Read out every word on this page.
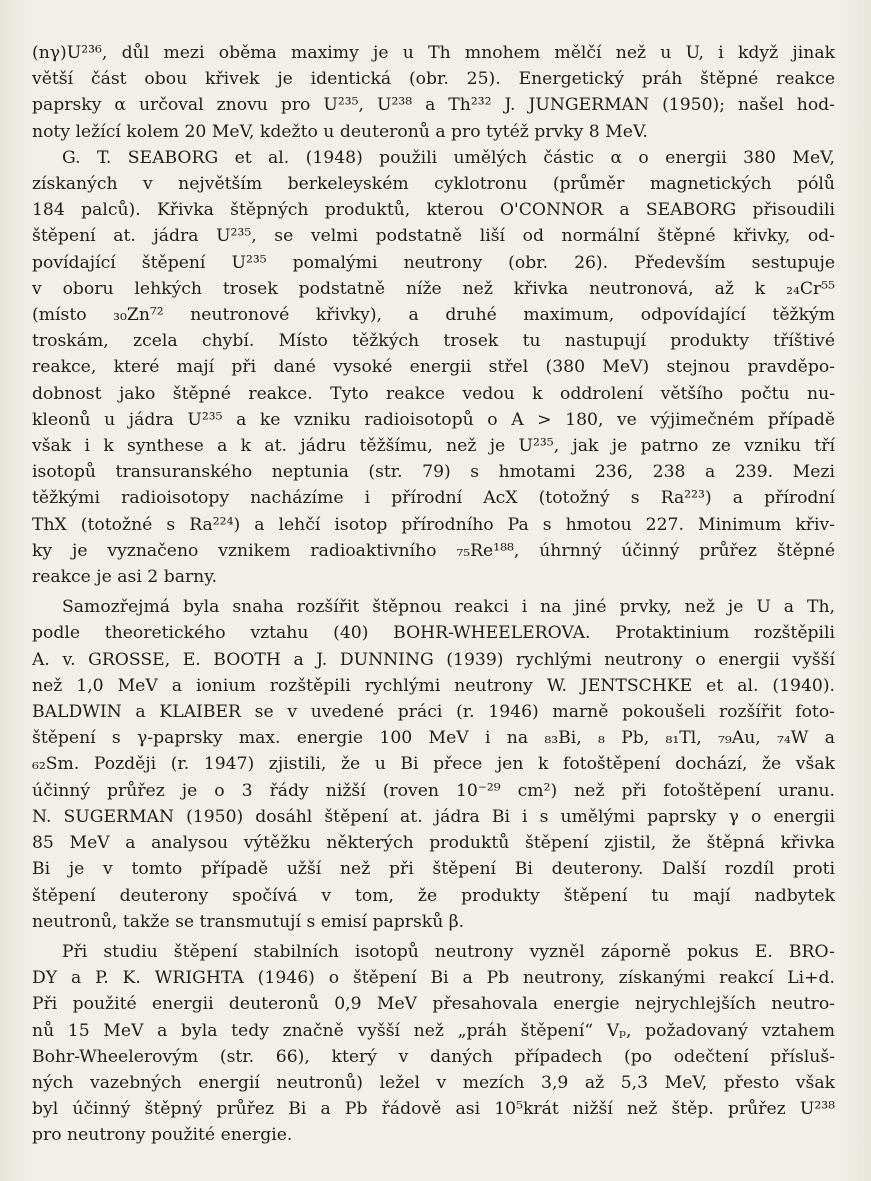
(nγ)U²³⁶, důl mezi oběma maximy je u Th mnohem mělčí než u U, i když jinak
větší část obou křivek je identická (obr. 25). Energetický práh štěpné reakce
paprsky α určoval znovu pro U²³⁵, U²³⁸ a Th²³² J. JUNGERMAN (1950); našel hod-
noty ležící kolem 20 MeV, kdežto u deuteronů a pro tytéž prvky 8 MeV.

G. T. SEABORG et al. (1948) použili umělých částic α o energii 380 MeV,
získaných v největším berkeleyském cyklotronu (průměr magnetických pólů
184 palců). Křivka štěpných produktů, kterou O'CONNOR a SEABORG přisoudili
štěpení at. jádra U²³⁵, se velmi podstatně liší od normální štěpné křivky, od-
povídající štěpení U²³⁵ pomalými neutrony (obr. 26). Především sestupuje
v oboru lehkých trosek podstatně níže než křivka neutronová, až k ₂₄Cr⁵⁵
(místo ₃₀Zn⁷² neutronové křivky), a druhé maximum, odpovídající těžkým
troskám, zcela chybí. Místo těžkých trosek tu nastupují produkty tříštivé
reakce, které mají při dané vysoké energii střel (380 MeV) stejnou pravděpo-
dobnost jako štěpné reakce. Tyto reakce vedou k oddrolení většího počtu nu-
kleonů u jádra U²³⁵ a ke vzniku radioisotopů o A > 180, ve výjimečném případě
však i k synthese a k at. jádru těžšímu, než je U²³⁵, jak je patrno ze vzniku tří
isotopů transuranského neptunia (str. 79) s hmotami 236, 238 a 239. Mezi
těžkými radioisotopy nacházíme i přírodní AcX (totožný s Ra²²³) a přírodní
ThX (totožné s Ra²²⁴) a lehčí isotop přírodního Pa s hmotou 227. Minimum křiv-
ky je vyznačeno vznikem radioaktivního ₇₅Re¹⁸⁸, úhrnný účinný průřez štěpné
reakce je asi 2 barny.

Samozřejmá byla snaha rozšířit štěpnou reakci i na jiné prvky, než je U a Th,
podle theoretického vztahu (40) BOHR-WHEELEROVA. Protaktinium rozštěpili
A. v. GROSSE, E. BOOTH a J. DUNNING (1939) rychlými neutrony o energii vyšší
než 1,0 MeV a ionium rozštěpili rychlými neutrony W. JENTSCHKE et al. (1940).
BALDWIN a KLAIBER se v uvedené práci (r. 1946) marně pokoušeli rozšířit foto-
štěpení s γ-paprsky max. energie 100 MeV i na ₈₃Bi, ₈ Pb, ₈₁Tl, ₇₉Au, ₇₄W a
₆₂Sm. Později (r. 1947) zjistili, že u Bi přece jen k fotoštěpení dochází, že však
účinný průřez je o 3 řády nižší (roven 10⁻²⁹ cm²) než při fotoštěpení uranu.
N. SUGERMAN (1950) dosáhl štěpení at. jádra Bi i s umělými paprsky γ o energii
85 MeV a analysou výtěžku některých produktů štěpení zjistil, že štěpná křivka
Bi je v tomto případě užší než při štěpení Bi deuterony. Další rozdíl proti
štěpení deuterony spočívá v tom, že produkty štěpení tu mají nadbytek
neutronů, takže se transmutují s emisí paprsků β.

Při studiu štěpení stabilních isotopů neutrony vyzněl záporně pokus E. BRO-
DY a P. K. WRIGHTA (1946) o štěpení Bi a Pb neutrony, získanými reakcí Li+d.
Při použité energii deuteronů 0,9 MeV přesahovala energie nejrychlejších neutro-
nů 15 MeV a byla tedy značně vyšší než „práh štěpení“ Vₚ, požadovaný vztahem
Bohr-Wheelerovým (str. 66), který v daných případech (po odečtení přísluš-
ných vazebných energií neutronů) ležel v mezích 3,9 až 5,3 MeV, přesto však
byl účinný štěpný průřez Bi a Pb řádově asi 10⁵krát nižší než štěp. průřez U²³⁸
pro neutrony použité energie.
